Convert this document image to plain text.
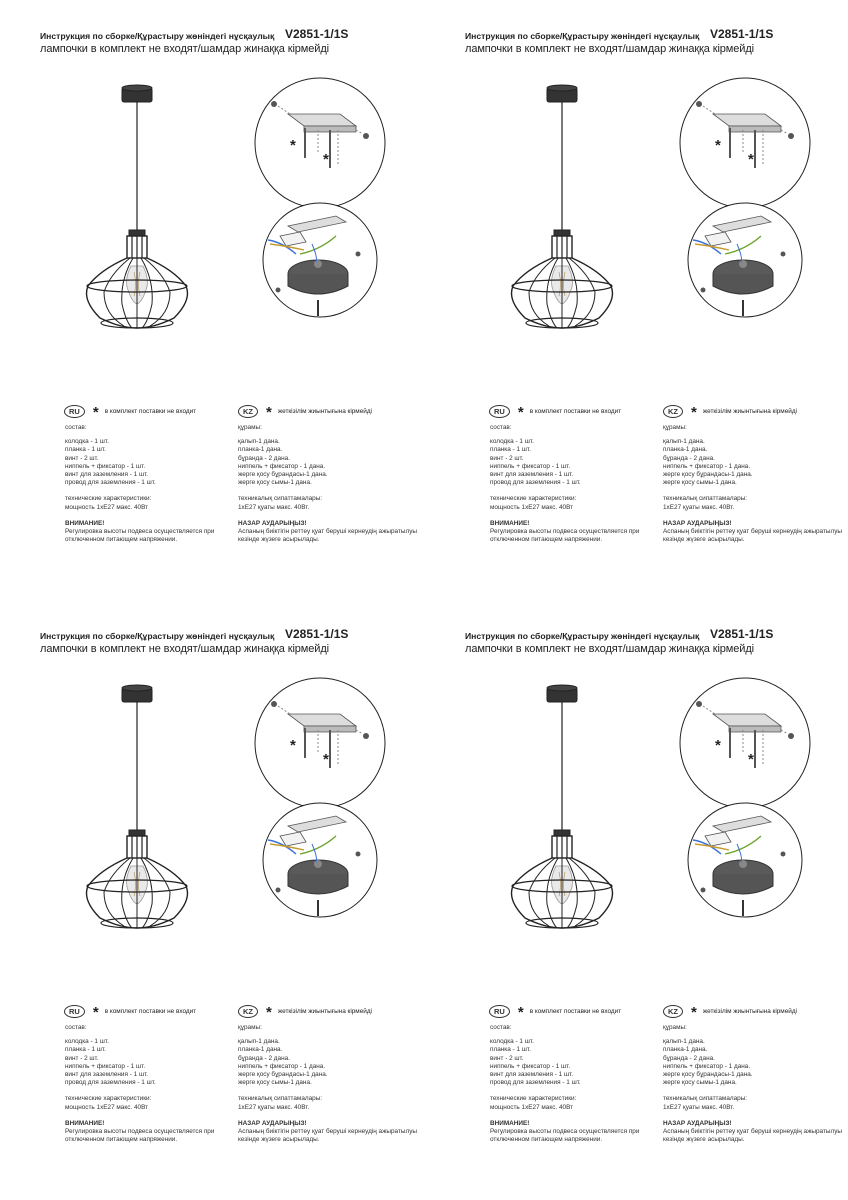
Инструкция по сборке/Құрастыру жөніндегі нұсқаулық V2851-1/1S
лампочки в комплект не входят/шамдар жинаққа кірмейді
*
*
RU * в комплект поставки не входит	KZ * жеткізілім жиынтығына кірмейді
состав:
колодка - 1 шт.
планка - 1 шт.
винт - 2 шт.
ниппель + фиксатор - 1 шт.
винт для заземления - 1 шт.
провод для заземления - 1 шт.
технические характеристики:
мощность 1хЕ27 макс. 40Вт
ВНИМАНИЕ!
Регулировка высоты подвеса осуществляется при отключенном питающем напряжении.
құрамы:
қалып-1 дана.
планка-1 дана.
бұранда - 2 дана.
ниппель + фиксатор - 1 дана.
жерге қосу бұрандасы-1 дана.
жерге қосу сымы-1 дана.
техникалық сипаттамалары:
1хЕ27 қуаты макс. 40Вт.
НАЗАР АУДАРЫҢЫЗ!
Аспаның биіктігін реттеу қуат беруші кернеудің ажыратылуы кезінде жүзеге асырылады.
Инструкция по сборке/Құрастыру жөніндегі нұсқаулық V2851-1/1S
лампочки в комплект не входят/шамдар жинаққа кірмейді
*
*
RU * в комплект поставки не входит	KZ * жеткізілім жиынтығына кірмейді
состав:
колодка - 1 шт.
планка - 1 шт.
винт - 2 шт.
ниппель + фиксатор - 1 шт.
винт для заземления - 1 шт.
провод для заземления - 1 шт.
технические характеристики:
мощность 1хЕ27 макс. 40Вт
ВНИМАНИЕ!
Регулировка высоты подвеса осуществляется при отключенном питающем напряжении.
құрамы:
қалып-1 дана.
планка-1 дана.
бұранда - 2 дана.
ниппель + фиксатор - 1 дана.
жерге қосу бұрандасы-1 дана.
жерге қосу сымы-1 дана.
техникалық сипаттамалары:
1хЕ27 қуаты макс. 40Вт.
НАЗАР АУДАРЫҢЫЗ!
Аспаның биіктігін реттеу қуат беруші кернеудің ажыратылуы кезінде жүзеге асырылады.
Инструкция по сборке/Құрастыру жөніндегі нұсқаулық V2851-1/1S
лампочки в комплект не входят/шамдар жинаққа кірмейді
*
*
RU * в комплект поставки не входит	KZ * жеткізілім жиынтығына кірмейді
состав:
колодка - 1 шт.
планка - 1 шт.
винт - 2 шт.
ниппель + фиксатор - 1 шт.
винт для заземления - 1 шт.
провод для заземления - 1 шт.
технические характеристики:
мощность 1хЕ27 макс. 40Вт
ВНИМАНИЕ!
Регулировка высоты подвеса осуществляется при отключенном питающем напряжении.
құрамы:
қалып-1 дана.
планка-1 дана.
бұранда - 2 дана.
ниппель + фиксатор - 1 дана.
жерге қосу бұрандасы-1 дана.
жерге қосу сымы-1 дана.
техникалық сипаттамалары:
1хЕ27 қуаты макс. 40Вт.
НАЗАР АУДАРЫҢЫЗ!
Аспаның биіктігін реттеу қуат беруші кернеудің ажыратылуы кезінде жүзеге асырылады.
Инструкция по сборке/Құрастыру жөніндегі нұсқаулық V2851-1/1S
лампочки в комплект не входят/шамдар жинаққа кірмейді
*
*
RU * в комплект поставки не входит	KZ * жеткізілім жиынтығына кірмейді
состав:
колодка - 1 шт.
планка - 1 шт.
винт - 2 шт.
ниппель + фиксатор - 1 шт.
винт для заземления - 1 шт.
провод для заземления - 1 шт.
технические характеристики:
мощность 1хЕ27 макс. 40Вт
ВНИМАНИЕ!
Регулировка высоты подвеса осуществляется при отключенном питающем напряжении.
құрамы:
қалып-1 дана.
планка-1 дана.
бұранда - 2 дана.
ниппель + фиксатор - 1 дана.
жерге қосу бұрандасы-1 дана.
жерге қосу сымы-1 дана.
техникалық сипаттамалары:
1хЕ27 қуаты макс. 40Вт.
НАЗАР АУДАРЫҢЫЗ!
Аспаның биіктігін реттеу қуат беруші кернеудің ажыратылуы кезінде жүзеге асырылады.
